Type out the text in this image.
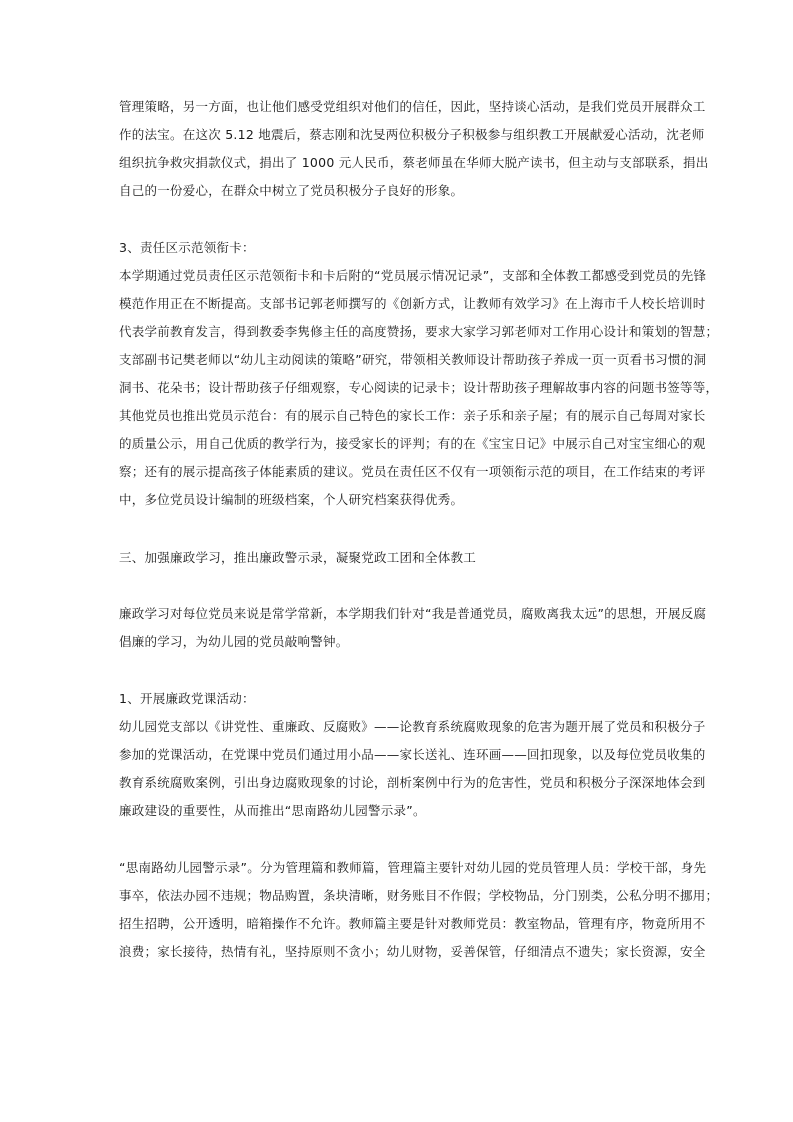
管理策略，另一方面，也让他们感受党组织对他们的信任，因此，坚持谈心活动，是我们党员开展群众工
作的法宝。在这次 5.12 地震后，蔡志刚和沈旻两位积极分子积极参与组织教工开展献爱心活动，沈老师
组织抗争救灾捐款仪式，捐出了 1000 元人民币，蔡老师虽在华师大脱产读书，但主动与支部联系，捐出
自己的一份爱心，在群众中树立了党员积极分子良好的形象。
3、责任区示范领衔卡：
本学期通过党员责任区示范领衔卡和卡后附的“党员展示情况记录”，支部和全体教工都感受到党员的先锋
模范作用正在不断提高。支部书记郭老师撰写的《创新方式，让教师有效学习》在上海市千人校长培训时
代表学前教育发言，得到教委李隽修主任的高度赞扬，要求大家学习郭老师对工作用心设计和策划的智慧；
支部副书记樊老师以“幼儿主动阅读的策略”研究，带领相关教师设计帮助孩子养成一页一页看书习惯的洞
洞书、花朵书；设计帮助孩子仔细观察，专心阅读的记录卡；设计帮助孩子理解故事内容的问题书签等等，
其他党员也推出党员示范台：有的展示自己特色的家长工作：亲子乐和亲子屋；有的展示自己每周对家长
的质量公示，用自己优质的教学行为，接受家长的评判；有的在《宝宝日记》中展示自己对宝宝细心的观
察；还有的展示提高孩子体能素质的建议。党员在责任区不仅有一项领衔示范的项目，在工作结束的考评
中，多位党员设计编制的班级档案，个人研究档案获得优秀。
三、加强廉政学习，推出廉政警示录，凝聚党政工团和全体教工
廉政学习对每位党员来说是常学常新，本学期我们针对“我是普通党员，腐败离我太远”的思想，开展反腐
倡廉的学习，为幼儿园的党员敲响警钟。
1、开展廉政党课活动：
幼儿园党支部以《讲党性、重廉政、反腐败》——论教育系统腐败现象的危害为题开展了党员和积极分子
参加的党课活动，在党课中党员们通过用小品——家长送礼、连环画——回扣现象，以及每位党员收集的
教育系统腐败案例，引出身边腐败现象的讨论，剖析案例中行为的危害性，党员和积极分子深深地体会到
廉政建设的重要性，从而推出“思南路幼儿园警示录”。
“思南路幼儿园警示录”。分为管理篇和教师篇，管理篇主要针对幼儿园的党员管理人员：学校干部，身先
事卒，依法办园不违规；物品购置，条块清晰，财务账目不作假；学校物品，分门别类，公私分明不挪用；
招生招聘，公开透明，暗箱操作不允许。教师篇主要是针对教师党员：教室物品，管理有序，物竟所用不
浪费；家长接待，热情有礼，坚持原则不贪小；幼儿财物，妥善保管，仔细清点不遗失；家长资源，安全
